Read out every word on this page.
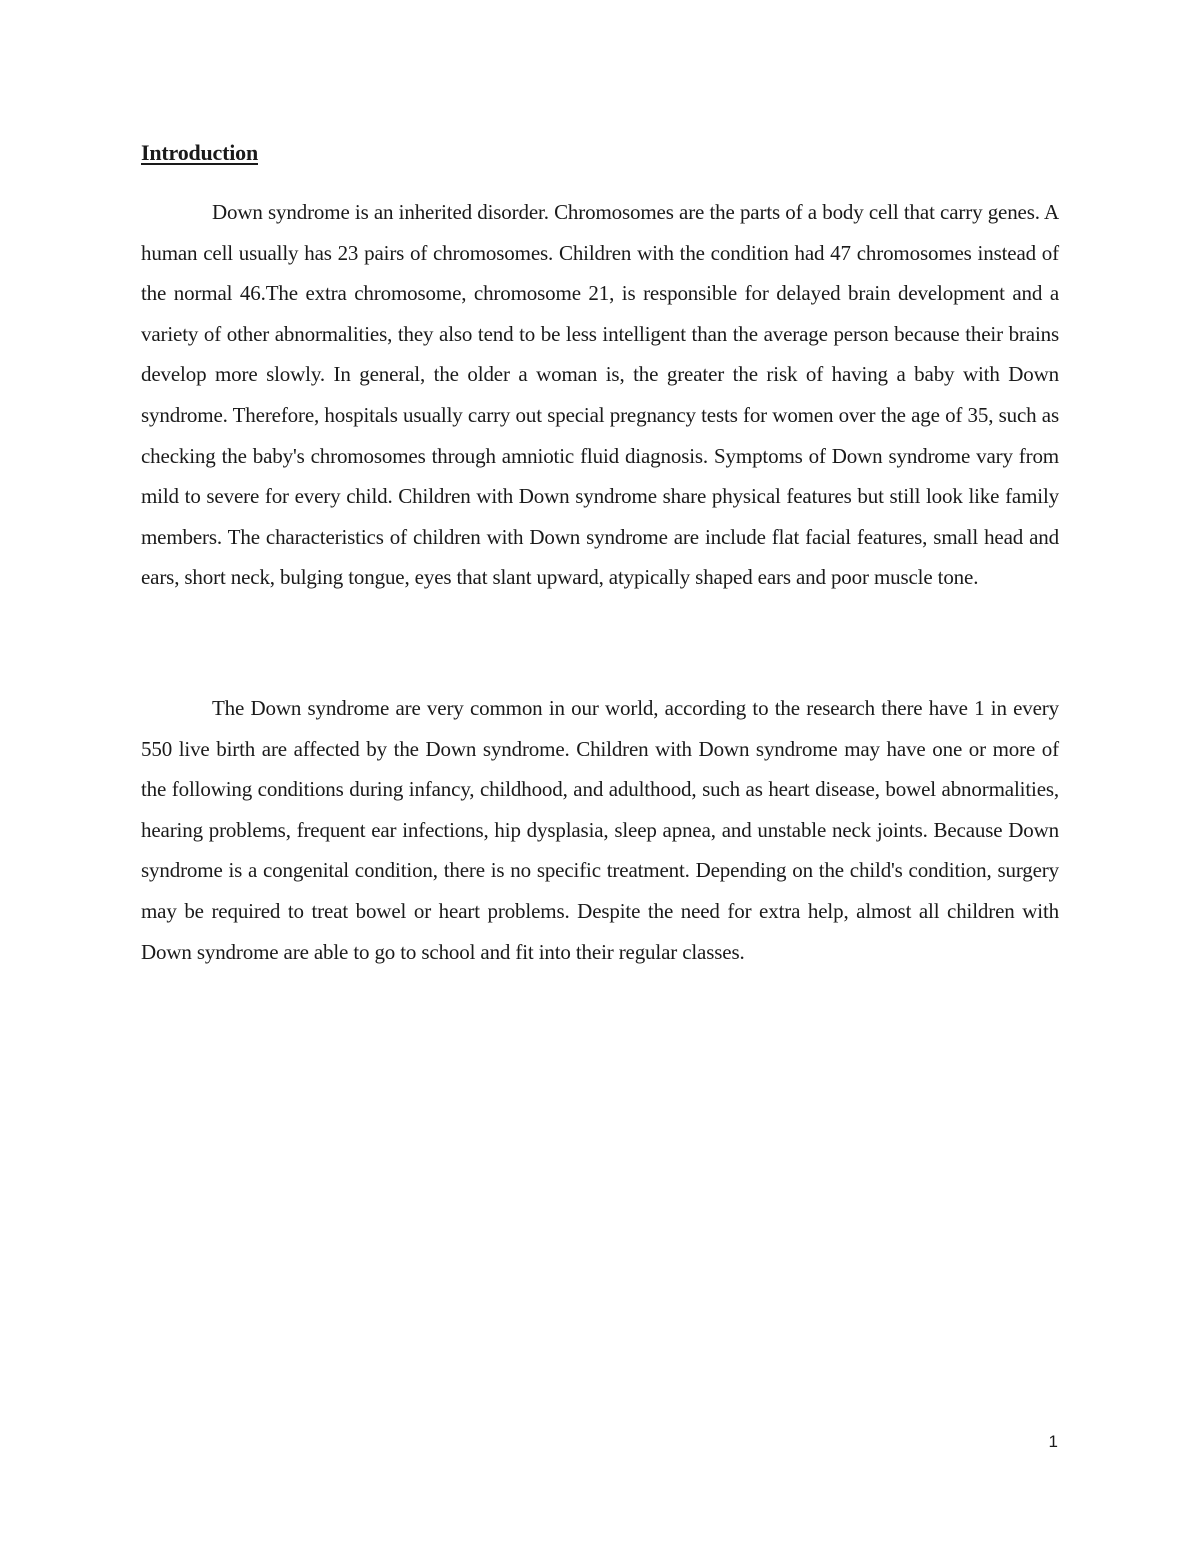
Introduction

Down syndrome is an inherited disorder. Chromosomes are the parts of a body cell that carry genes. A human cell usually has 23 pairs of chromosomes. Children with the condition had 47 chromosomes instead of the normal 46.The extra chromosome, chromosome 21, is responsible for delayed brain development and a variety of other abnormalities, they also tend to be less intelligent than the average person because their brains develop more slowly. In general, the older a woman is, the greater the risk of having a baby with Down syndrome. Therefore, hospitals usually carry out special pregnancy tests for women over the age of 35, such as checking the baby's chromosomes through amniotic fluid diagnosis. Symptoms of Down syndrome vary from mild to severe for every child. Children with Down syndrome share physical features but still look like family members. The characteristics of children with Down syndrome are include flat facial features, small head and ears, short neck, bulging tongue, eyes that slant upward, atypically shaped ears and poor muscle tone.

The Down syndrome are very common in our world, according to the research there have 1 in every 550 live birth are affected by the Down syndrome. Children with Down syndrome may have one or more of the following conditions during infancy, childhood, and adulthood, such as heart disease, bowel abnormalities, hearing problems, frequent ear infections, hip dysplasia, sleep apnea, and unstable neck joints. Because Down syndrome is a congenital condition, there is no specific treatment. Depending on the child's condition, surgery may be required to treat bowel or heart problems. Despite the need for extra help, almost all children with Down syndrome are able to go to school and fit into their regular classes.

1
